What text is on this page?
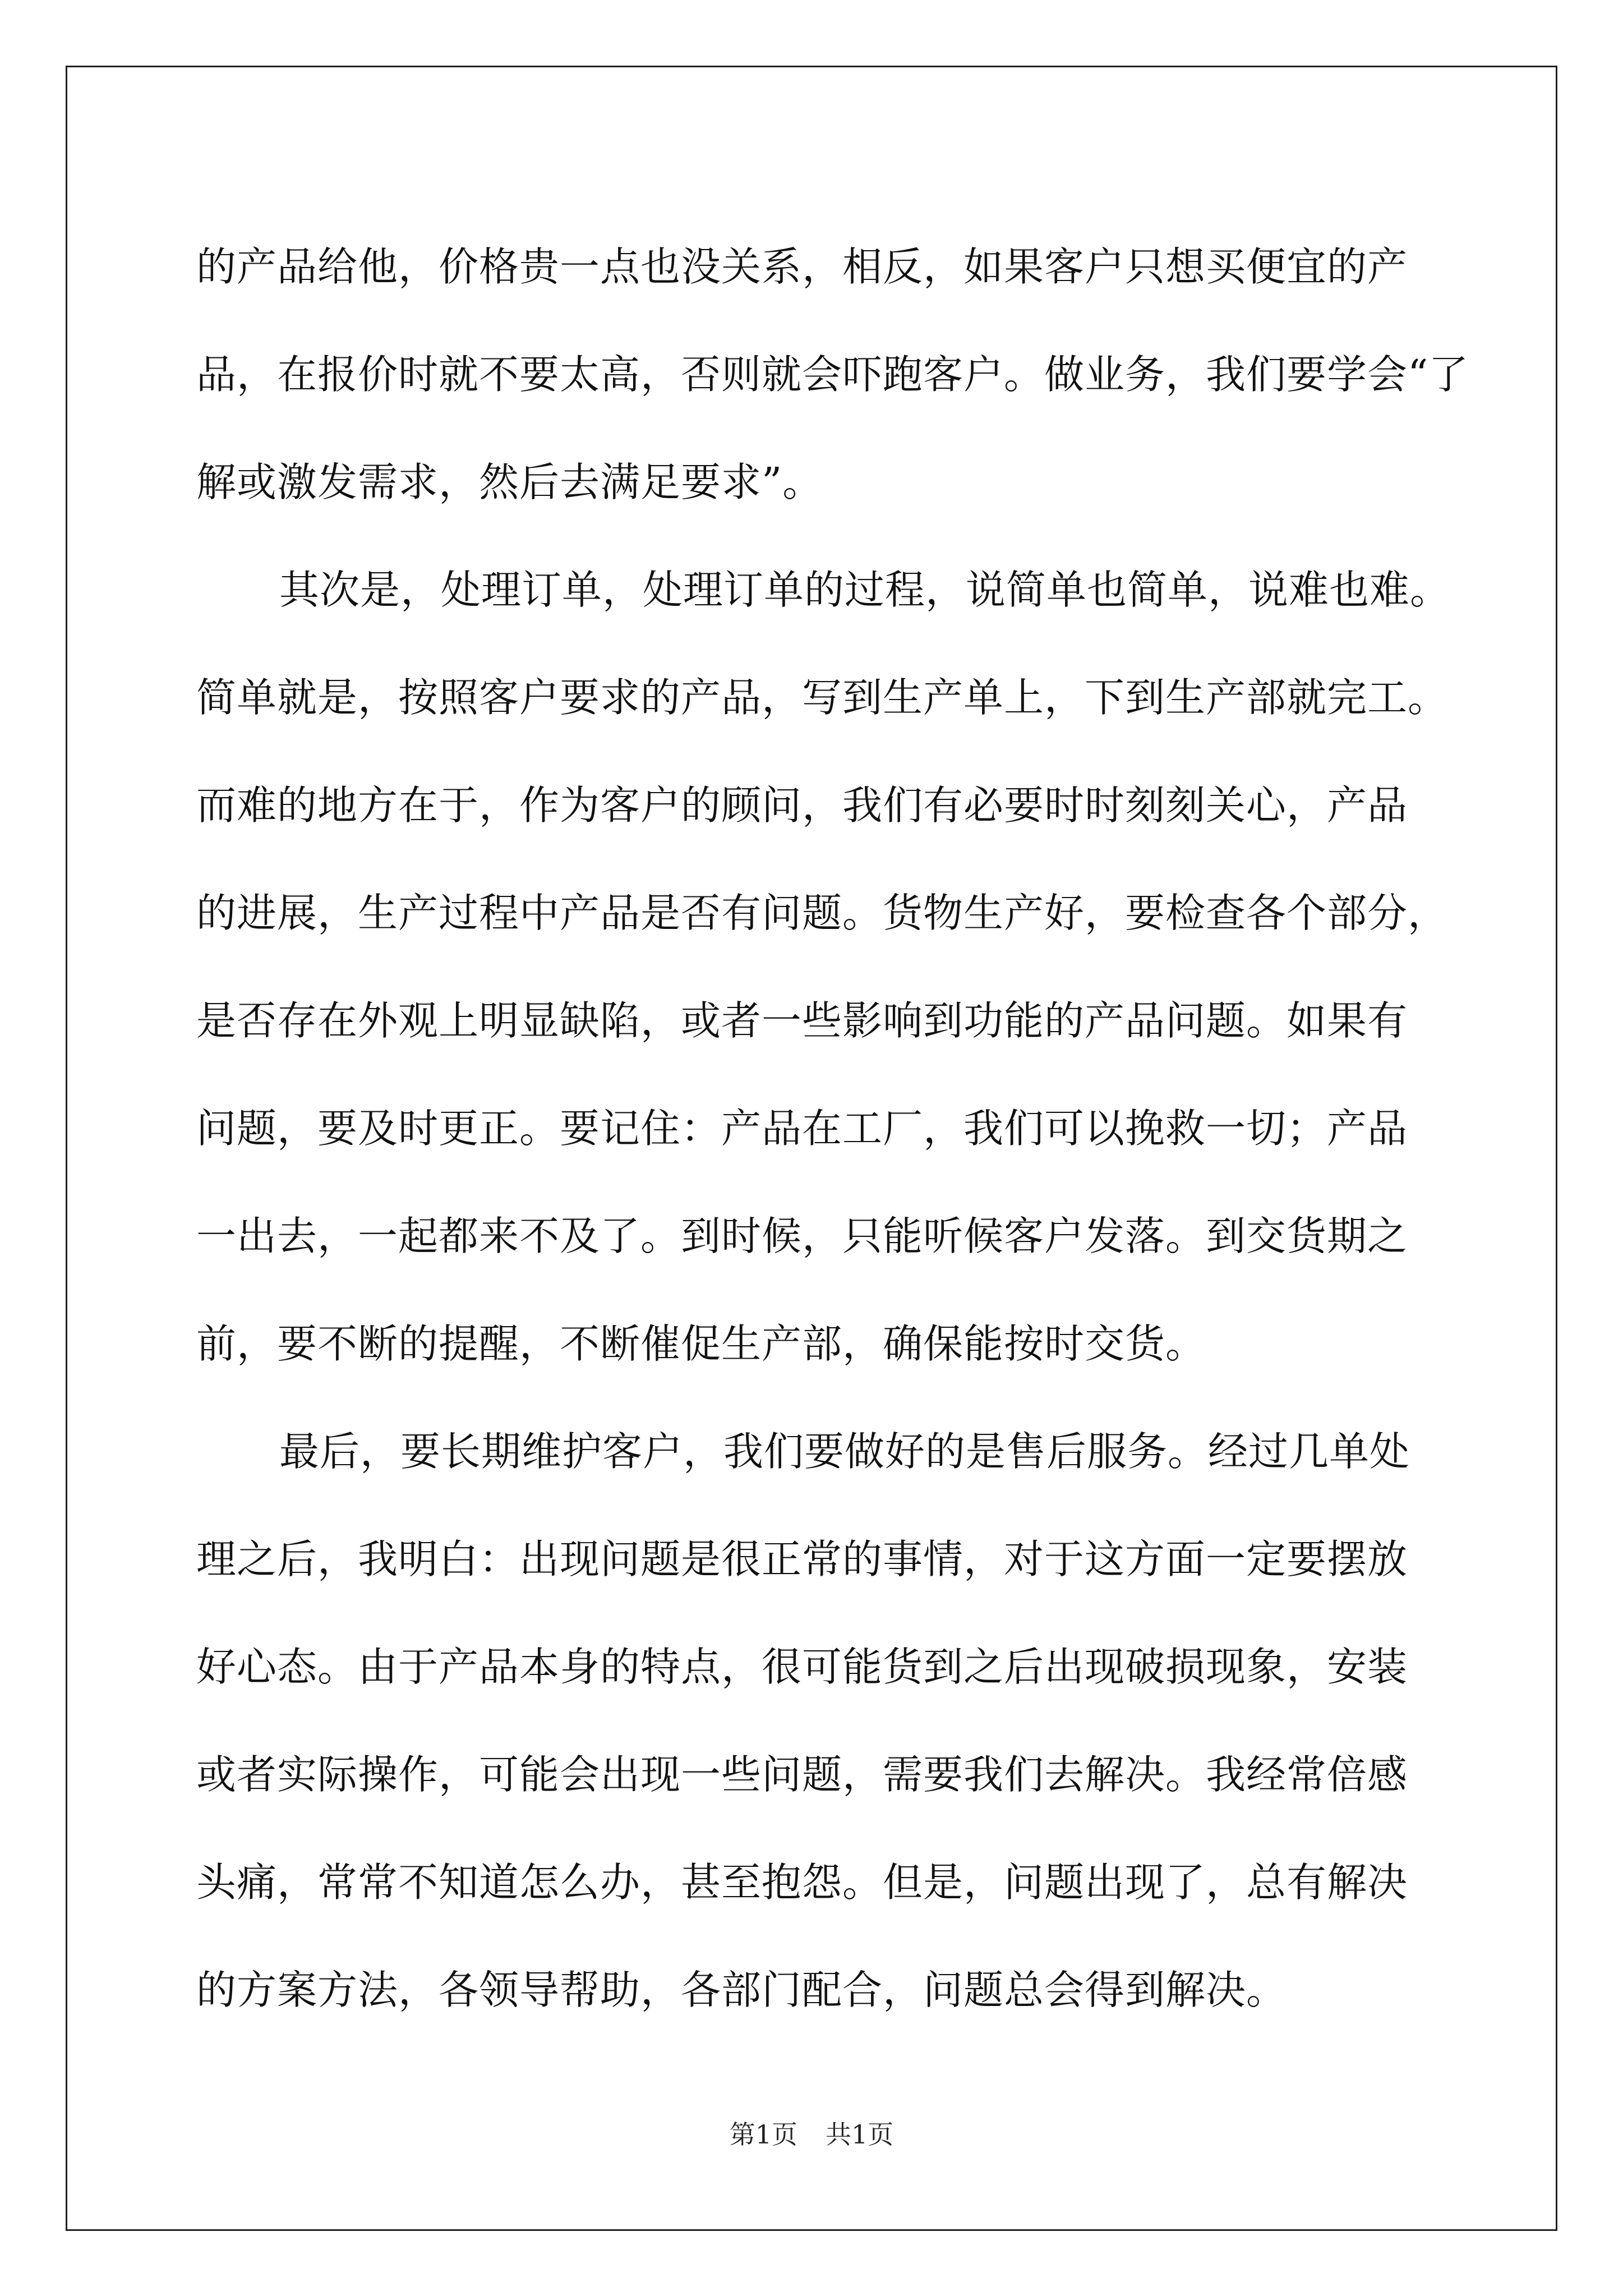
的产品给他，价格贵一点也没关系，相反，如果客户只想买便宜的产
品，在报价时就不要太高，否则就会吓跑客户。做业务，我们要学会“了
解或激发需求，然后去满足要求”。
其次是，处理订单，处理订单的过程，说简单也简单，说难也难。
简单就是，按照客户要求的产品，写到生产单上，下到生产部就完工。
而难的地方在于，作为客户的顾问，我们有必要时时刻刻关心，产品
的进展，生产过程中产品是否有问题。货物生产好，要检查各个部分，
是否存在外观上明显缺陷，或者一些影响到功能的产品问题。如果有
问题，要及时更正。要记住：产品在工厂，我们可以挽救一切；产品
一出去，一起都来不及了。到时候，只能听候客户发落。到交货期之
前，要不断的提醒，不断催促生产部，确保能按时交货。
最后，要长期维护客户，我们要做好的是售后服务。经过几单处
理之后，我明白：出现问题是很正常的事情，对于这方面一定要摆放
好心态。由于产品本身的特点，很可能货到之后出现破损现象，安装
或者实际操作，可能会出现一些问题，需要我们去解决。我经常倍感
头痛，常常不知道怎么办，甚至抱怨。但是，问题出现了，总有解决
的方案方法，各领导帮助，各部门配合，问题总会得到解决。
第1页 共1页
